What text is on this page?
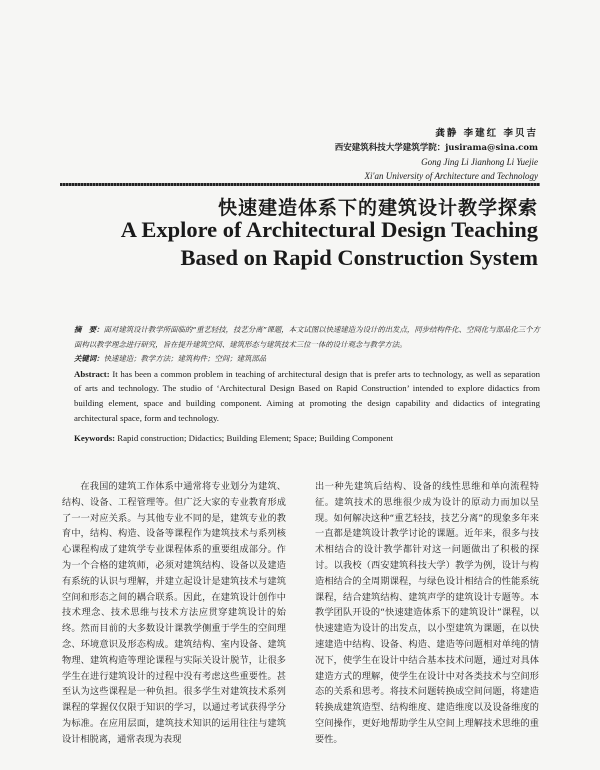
龚静 李建红 李贝吉
西安建筑科技大学建筑学院：jusirama@sina.com
Gong Jing Li Jianhong Li Yuejie
Xi'an University of Architecture and Technology
快速建造体系下的建筑设计教学探索
A Explore of Architectural Design Teaching Based on Rapid Construction System

摘　要：面对建筑设计教学所面临的“重艺轻技，技艺分离”课题，本文试图以快速建造为设计的出发点，同步结构件化、空间化与部品化三个方面构以教学理念进行研究，旨在提升建筑空间、建筑形态与建筑技术三位一体的设计观念与教学方法。

关键词：快速建造；教学方法；建筑构件；空间；建筑部品

Abstract: It has been a common problem in teaching of architectural design that is prefer arts to technology, as well as separation of arts and technology. The studio of ‘Architectural Design Based on Rapid Construction’ intended to explore didactics from building element, space and building component. Aiming at promoting the design capability and didactics of integrating architectural space, form and technology.

Keywords: Rapid construction; Didactics; Building Element; Space; Building Component

在我国的建筑工作体系中通常将专业划分为建筑、结构、设备、工程管理等。但广泛大家的专业教育形成了一一对应关系。与其他专业不同的是，建筑专业的教育中，结构、构造、设备等课程作为建筑技术与系列核心课程构成了建筑学专业课程体系的重要组成部分。作为一个合格的建筑师，必须对建筑结构、设备以及建造有系统的认识与理解，并建立起设计是建筑技术与建筑空间和形态之间的耦合联系。因此，在建筑设计创作中技术理念、技术思维与技术方法应贯穿建筑设计的始终。然而目前的大多数设计课教学侧重于学生的空间理念、环境意识及形态构成。建筑结构、室内设备、建筑物理、建筑构造等理论课程与实际关设计脱节，让很多学生在进行建筑设计的过程中没有考虑这些重要性。甚至认为这些课程是一种负担。很多学生对建筑技术系列课程的掌握仅仅限于知识的学习，以通过考试获得学分为标准。在应用层面，建筑技术知识的运用往往与建筑设计相脱离，通常表现为表现

出一种先建筑后结构、设备的线性思维和单向流程特征。建筑技术的思维很少成为设计的原动力而加以呈现。如何解决这种“重艺轻技，技艺分离”的现象多年来一直都是建筑设计教学讨论的课题。近年来，很多与技术相结合的设计教学都针对这一问题做出了积极的探讨。以我校（西安建筑科技大学）教学为例，设计与构造相结合的全周期课程，与绿色设计相结合的性能系统课程，结合建筑结构、建筑声学的建筑设计专题等。本教学团队开设的“快速建造体系下的建筑设计”课程，以快速建造为设计的出发点，以小型建筑为课题，在以快速建造中结构、设备、构造、建造等问题相对单纯的情况下，使学生在设计中结合基本技术问题，通过对具体建造方式的理解，使学生在设计中对各类技术与空间形态的关系和思考。将技术问题转换成空间问题，将建造转换成建筑造型、结构维度、建造维度以及设备维度的空间操作，更好地帮助学生从空间上理解技术思维的重要性。
